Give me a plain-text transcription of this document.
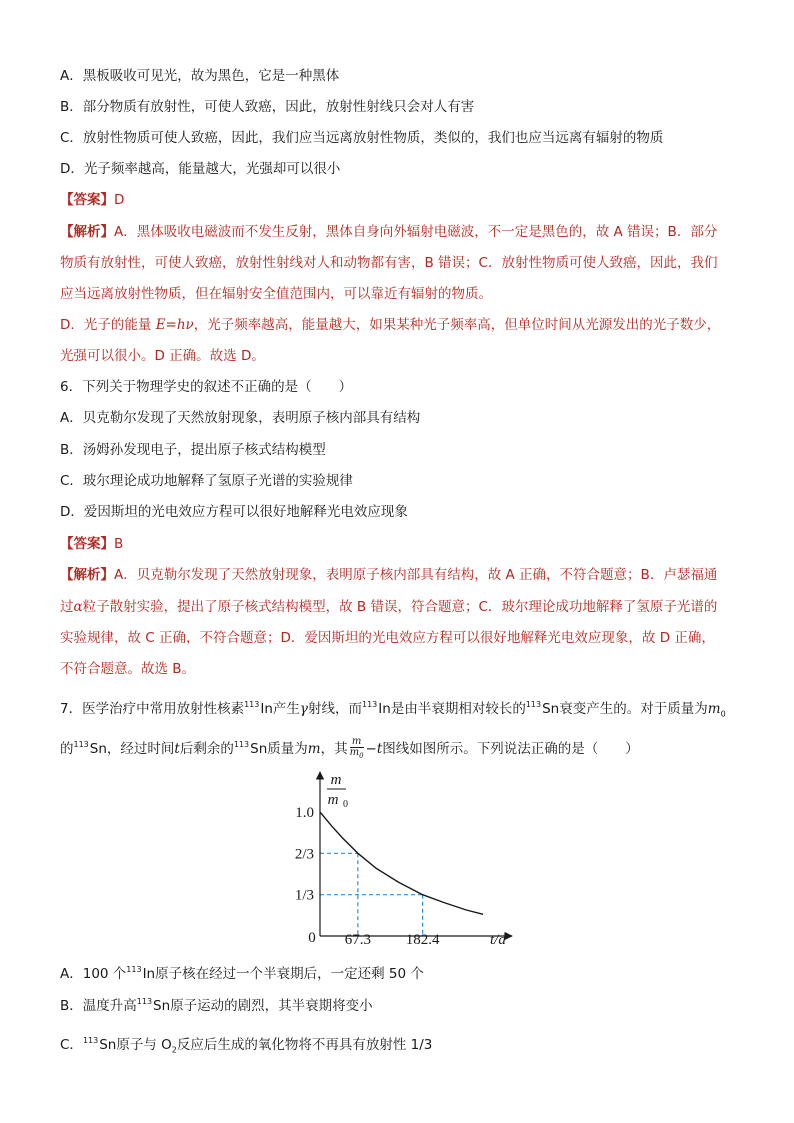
A．黑板吸收可见光，故为黑色，它是一种黑体
B．部分物质有放射性，可使人致癌，因此，放射性射线只会对人有害
C．放射性物质可使人致癌，因此，我们应当远离放射性物质，类似的，我们也应当远离有辐射的物质
D．光子频率越高，能量越大，光强却可以很小
【答案】D
【解析】A．黑体吸收电磁波而不发生反射，黑体自身向外辐射电磁波，不一定是黑色的，故 A 错误；B．部分
物质有放射性，可使人致癌，放射性射线对人和动物都有害，B 错误；C．放射性物质可使人致癌，因此，我们
应当远离放射性物质，但在辐射安全值范围内，可以靠近有辐射的物质。
D．光子的能量 E=hν，光子频率越高，能量越大，如果某种光子频率高，但单位时间从光源发出的光子数少，
光强可以很小。D 正确。故选 D。
6．下列关于物理学史的叙述不正确的是（　　）
A．贝克勒尔发现了天然放射现象，表明原子核内部具有结构
B．汤姆孙发现电子，提出原子核式结构模型
C．玻尔理论成功地解释了氢原子光谱的实验规律
D．爱因斯坦的光电效应方程可以很好地解释光电效应现象
【答案】B
【解析】A．贝克勒尔发现了天然放射现象，表明原子核内部具有结构，故 A 正确，不符合题意；B．卢瑟福通
过α粒子散射实验，提出了原子核式结构模型，故 B 错误，符合题意；C．玻尔理论成功地解释了氢原子光谱的
实验规律，故 C 正确，不符合题意；D．爱因斯坦的光电效应方程可以很好地解释光电效应现象，故 D 正确，
不符合题意。故选 B。
7．医学治疗中常用放射性核素$^{113}$In产生γ射线，而$^{113}$In是由半衰期相对较长的$^{113}$Sn衰变产生的。对于质量为$m_0$
的$^{113}$Sn，经过时间t后剩余的$^{113}$Sn质量为m，其 $\frac{m}{m_0} -t$图线如图所示。下列说法正确的是（　　）
m
m 0
1.0
2/3
1/3
67.3 182.4
0	t/d
A．100 个$^{113}$In原子核在经过一个半衰期后，一定还剩 50 个
B．温度升高$^{113}$Sn原子运动的剧烈，其半衰期将变小
C．$^{113}$Sn原子与 $O_2$反应后生成的氧化物将不再具有放射性 1/3
